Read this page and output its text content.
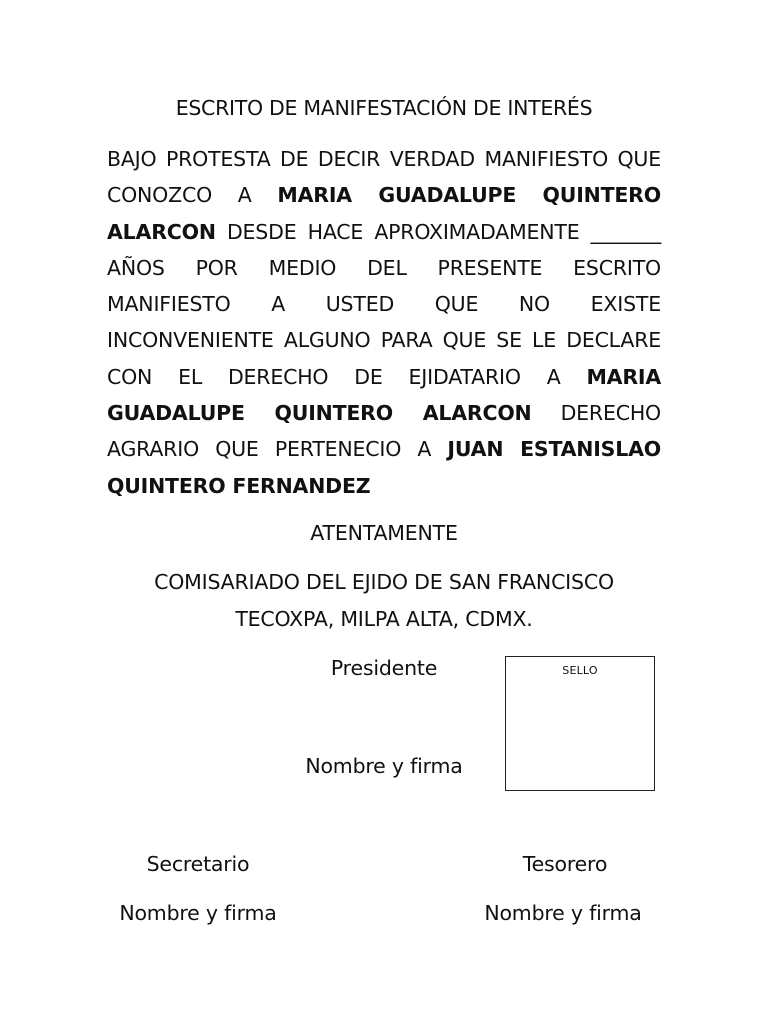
ESCRITO DE MANIFESTACIÓN DE INTERÉS
BAJO PROTESTA DE DECIR VERDAD MANIFIESTO QUE CONOZCO A MARIA GUADALUPE QUINTERO ALARCON DESDE HACE APROXIMADAMENTE _______ AÑOS POR MEDIO DEL PRESENTE ESCRITO MANIFIESTO A USTED QUE NO EXISTE INCONVENIENTE ALGUNO PARA QUE SE LE DECLARE CON EL DERECHO DE EJIDATARIO A MARIA GUADALUPE QUINTERO ALARCON DERECHO AGRARIO QUE PERTENECIO A JUAN ESTANISLAO QUINTERO FERNANDEZ
ATENTAMENTE
COMISARIADO DEL EJIDO DE SAN FRANCISCO
TECOXPA, MILPA ALTA, CDMX.
Presidente	SELLO
Nombre y firma
Secretario
Nombre y firma
Tesorero
Nombre y firma
